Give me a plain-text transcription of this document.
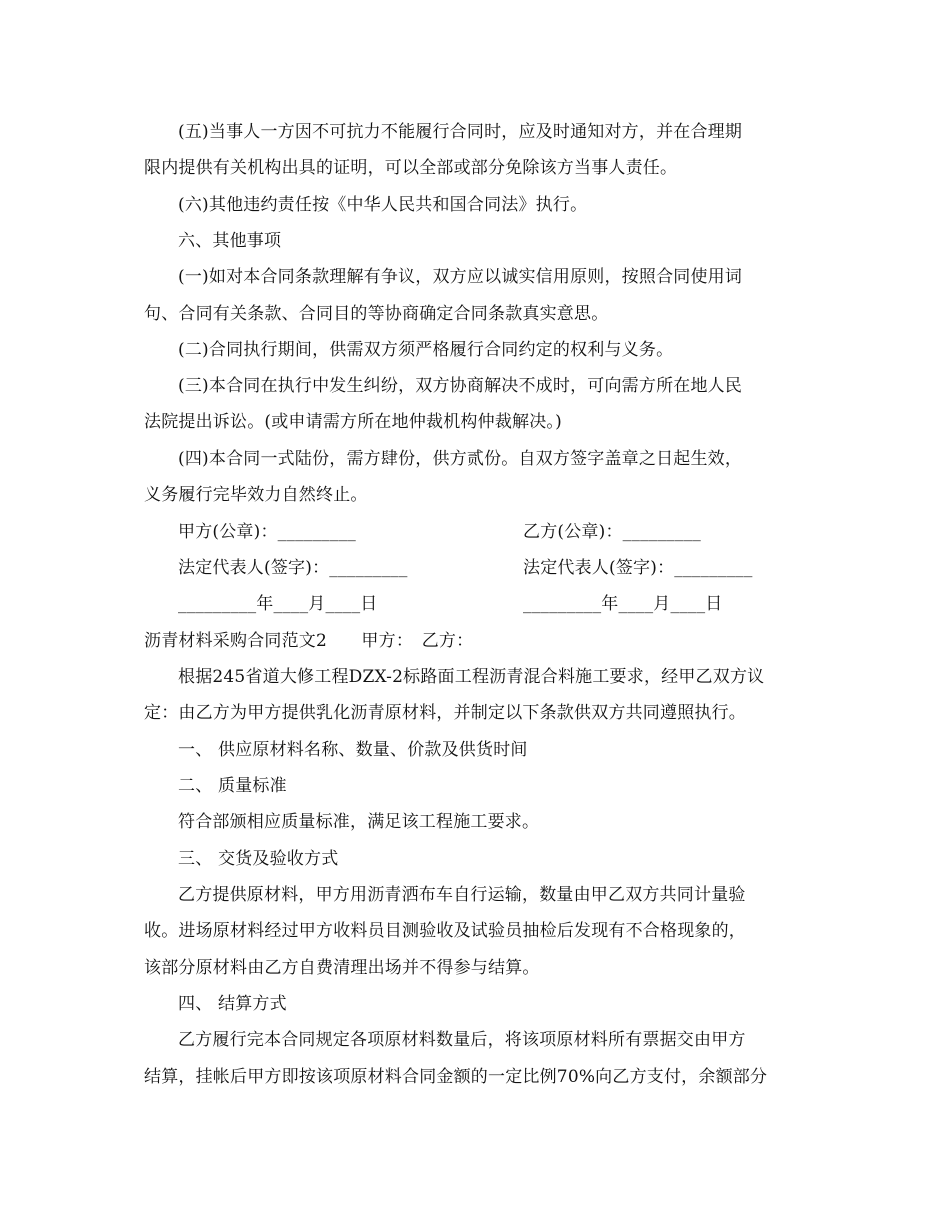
(五)当事人一方因不可抗力不能履行合同时，应及时通知对方，并在合理期
限内提供有关机构出具的证明，可以全部或部分免除该方当事人责任。
(六)其他违约责任按《中华人民共和国合同法》执行。
六、其他事项
(一)如对本合同条款理解有争议，双方应以诚实信用原则，按照合同使用词
句、合同有关条款、合同目的等协商确定合同条款真实意思。
(二)合同执行期间，供需双方须严格履行合同约定的权利与义务。
(三)本合同在执行中发生纠纷，双方协商解决不成时，可向需方所在地人民
法院提出诉讼。(或申请需方所在地仲裁机构仲裁解决。)
(四)本合同一式陆份，需方肆份，供方贰份。自双方签字盖章之日起生效，
义务履行完毕效力自然终止。
甲方(公章)：_________	乙方(公章)：_________
法定代表人(签字)：_________	法定代表人(签字)：_________
_________年____月____日	_________年____月____日
沥青材料采购合同范文2　　甲方：　乙方：
根据245省道大修工程DZX-2标路面工程沥青混合料施工要求，经甲乙双方议
定：由乙方为甲方提供乳化沥青原材料，并制定以下条款供双方共同遵照执行。
一、 供应原材料名称、数量、价款及供货时间
二、 质量标准
符合部颁相应质量标准，满足该工程施工要求。
三、 交货及验收方式
乙方提供原材料，甲方用沥青洒布车自行运输，数量由甲乙双方共同计量验
收。进场原材料经过甲方收料员目测验收及试验员抽检后发现有不合格现象的，
该部分原材料由乙方自费清理出场并不得参与结算。
四、 结算方式
乙方履行完本合同规定各项原材料数量后，将该项原材料所有票据交由甲方
结算，挂帐后甲方即按该项原材料合同金额的一定比例70%向乙方支付，余额部分
